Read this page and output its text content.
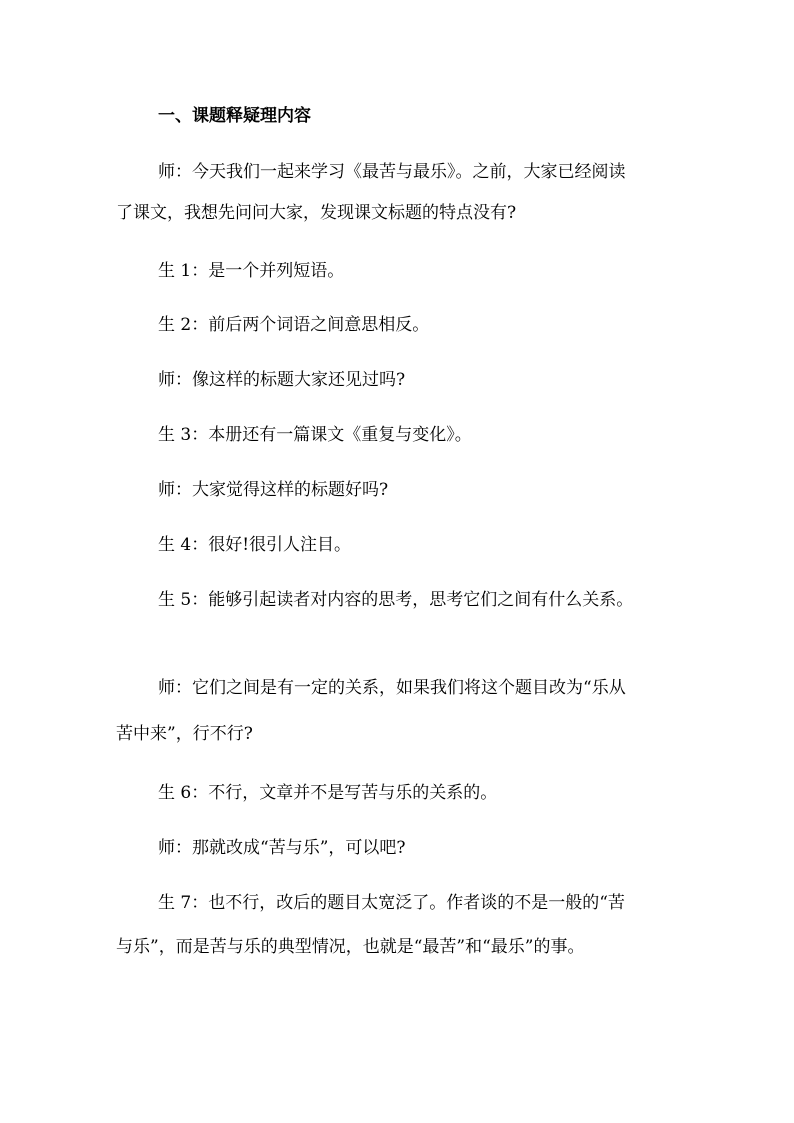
一、课题释疑理内容
师：今天我们一起来学习《最苦与最乐》。之前，大家已经阅读
了课文，我想先问问大家，发现课文标题的特点没有?
生 1：是一个并列短语。
生 2：前后两个词语之间意思相反。
师：像这样的标题大家还见过吗?
生 3：本册还有一篇课文《重复与变化》。
师：大家觉得这样的标题好吗?
生 4：很好!很引人注目。
生 5：能够引起读者对内容的思考，思考它们之间有什么关系。
师：它们之间是有一定的关系，如果我们将这个题目改为“乐从
苦中来”，行不行?
生 6：不行，文章并不是写苦与乐的关系的。
师：那就改成“苦与乐”，可以吧?
生 7：也不行，改后的题目太宽泛了。作者谈的不是一般的“苦
与乐”，而是苦与乐的典型情况，也就是“最苦”和“最乐”的事。
